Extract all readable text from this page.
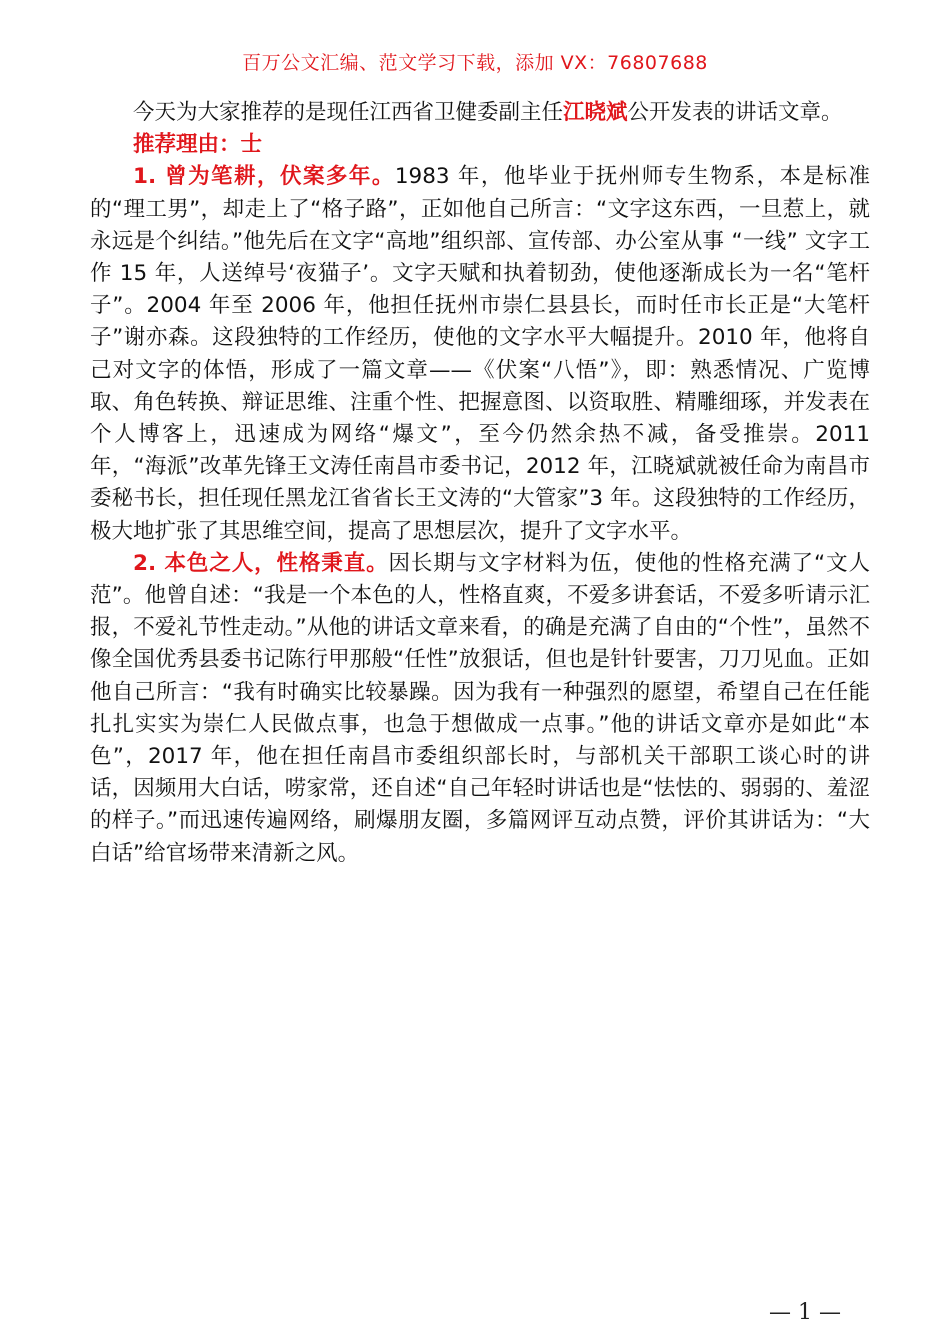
百万公文汇编、范文学习下载，添加 VX：76807688

今天为大家推荐的是现任江西省卫健委副主任江晓斌公开发表的讲话文章。

推荐理由：士

1. 曾为笔耕，伏案多年。1983 年，他毕业于抚州师专生物系，本是标准的“理工男”，却走上了“格子路”，正如他自己所言：“文字这东西，一旦惹上，就永远是个纠结。”他先后在文字“高地”组织部、宣传部、办公室从事 “一线” 文字工作 15 年，人送绰号‘夜猫子’。文字天赋和执着韧劲，使他逐渐成长为一名“笔杆子”。2004 年至 2006 年，他担任抚州市崇仁县县长，而时任市长正是“大笔杆子”谢亦森。这段独特的工作经历，使他的文字水平大幅提升。2010 年，他将自己对文字的体悟，形成了一篇文章——《伏案“八悟”》，即：熟悉情况、广览博取、角色转换、辩证思维、注重个性、把握意图、以资取胜、精雕细琢，并发表在个人博客上，迅速成为网络“爆文”，至今仍然余热不减，备受推崇。2011 年，“海派”改革先锋王文涛任南昌市委书记，2012 年，江晓斌就被任命为南昌市委秘书长，担任现任黑龙江省省长王文涛的“大管家”3 年。这段独特的工作经历，极大地扩张了其思维空间，提高了思想层次，提升了文字水平。

2. 本色之人，性格秉直。因长期与文字材料为伍，使他的性格充满了“文人范”。他曾自述：“我是一个本色的人，性格直爽，不爱多讲套话，不爱多听请示汇报，不爱礼节性走动。”从他的讲话文章来看，的确是充满了自由的“个性”，虽然不像全国优秀县委书记陈行甲那般“任性”放狠话，但也是针针要害，刀刀见血。正如他自己所言：“我有时确实比较暴躁。因为我有一种强烈的愿望，希望自己在任能扎扎实实为崇仁人民做点事，也急于想做成一点事。”他的讲话文章亦是如此“本色”，2017 年，他在担任南昌市委组织部长时，与部机关干部职工谈心时的讲话，因频用大白话，唠家常，还自述“自己年轻时讲话也是“怯怯的、弱弱的、羞涩的样子。”而迅速传遍网络，刷爆朋友圈，多篇网评互动点赞，评价其讲话为：“大白话”给官场带来清新之风。

— 1 —
